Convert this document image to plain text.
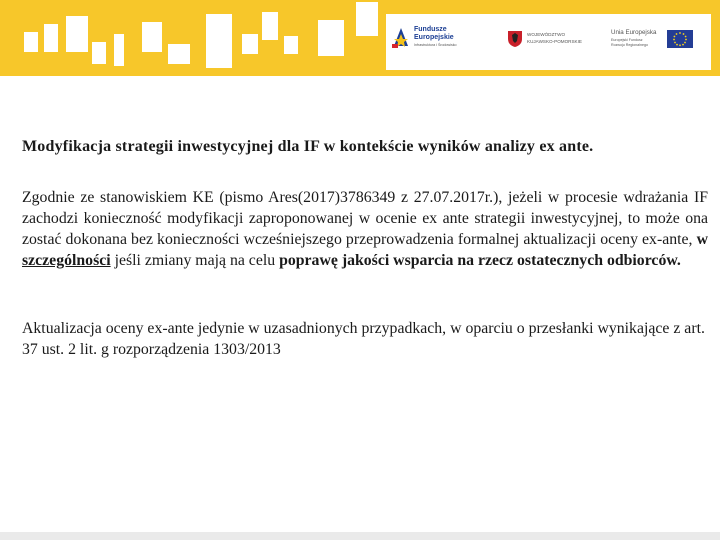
Fundusze
Europejskie
Infrastruktura i Środowisko
WOJEWÓDZTWO
KUJAWSKO-POMORSKIE
Unia Europejska
Europejski Fundusz
Rozwoju Regionalnego
Modyfikacja strategii inwestycyjnej dla IF w kontekście wyników analizy ex ante.

Zgodnie ze stanowiskiem KE (pismo Ares(2017)3786349 z 27.07.2017r.), jeżeli w procesie wdrażania IF zachodzi konieczność modyfikacji zaproponowanej w ocenie ex ante strategii inwestycyjnej, to może ona zostać dokonana bez konieczności wcześniejszego przeprowadzenia formalnej aktualizacji oceny ex-ante, w szczególności jeśli zmiany mają na celu poprawę jakości wsparcia na rzecz ostatecznych odbiorców.

Aktualizacja oceny ex-ante jedynie w uzasadnionych przypadkach, w oparciu o przesłanki wynikające z art. 37 ust. 2 lit. g rozporządzenia 1303/2013
